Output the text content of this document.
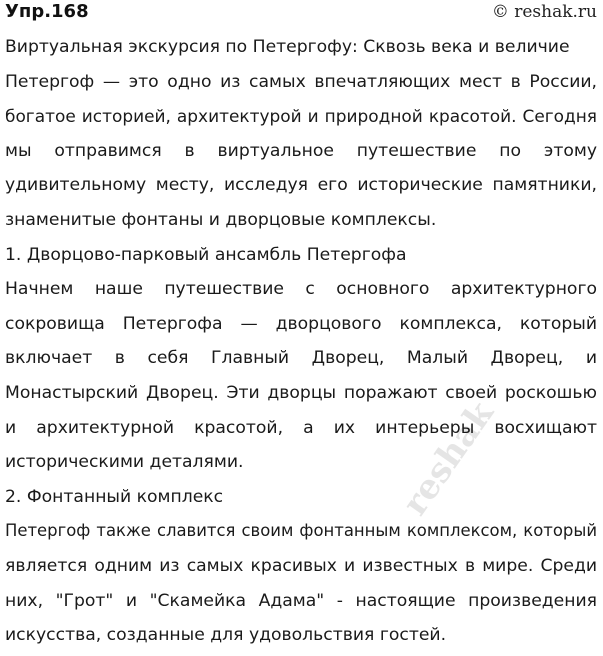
Упр.168	© reshak.ru
Виртуальная экскурсия по Петергофу: Сквозь века и величие
Петергоф — это одно из самых впечатляющих мест в России,
богатое историей, архитектурой и природной красотой. Сегодня
мы отправимся в виртуальное путешествие по этому
удивительному месту, исследуя его исторические памятники,
знаменитые фонтаны и дворцовые комплексы.
1. Дворцово-парковый ансамбль Петергофа
Начнем наше путешествие с основного архитектурного
сокровища Петергофа — дворцового комплекса, который
включает в себя Главный Дворец, Малый Дворец, и
Монастырский Дворец. Эти дворцы поражают своей роскошью
и архитектурной красотой, а их интерьеры восхищают
историческими деталями.
2. Фонтанный комплекс
Петергоф также славится своим фонтанным комплексом, который
является одним из самых красивых и известных в мире. Среди
них, "Грот" и "Скамейка Адама" - настоящие произведения
искусства, созданные для удовольствия гостей.
reshak
